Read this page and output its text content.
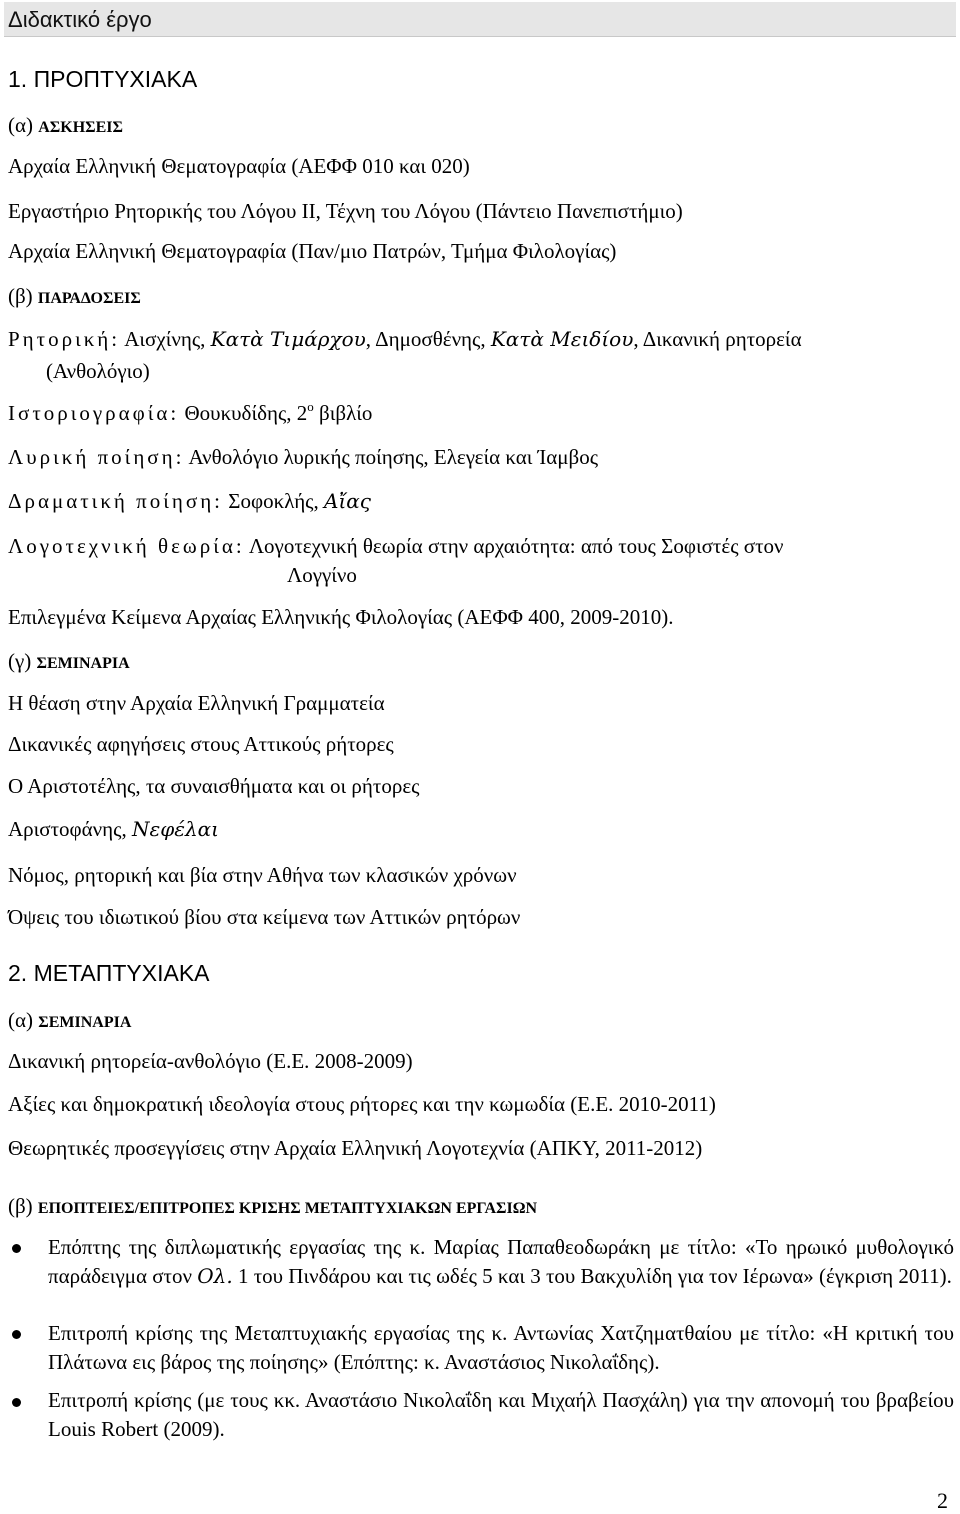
Διδακτικό έργο
1. ΠΡΟΠΤΥΧΙΑΚΑ
(α) ΑΣΚΗΣΕΙΣ
Αρχαία Ελληνική Θεματογραφία (ΑΕΦΦ 010 και 020)
Εργαστήριο Ρητορικής του Λόγου ΙΙ, Τέχνη του Λόγου (Πάντειο Πανεπιστήμιο)
Αρχαία Ελληνική Θεματογραφία (Παν/μιο Πατρών, Τμήμα Φιλολογίας)
(β) ΠΑΡΑΔΟΣΕΙΣ
Ρητορική: Αισχίνης, Κατὰ Τιμάρχου, Δημοσθένης, Κατὰ Μειδίου, Δικανική ρητορεία
(Ανθολόγιο)
Ιστοριογραφία: Θουκυδίδης, $2^o$ βιβλίο
Λυρική ποίηση: Ανθολόγιο λυρικής ποίησης, Ελεγεία και Ίαμβος
Δραματική ποίηση: Σοφοκλής, Αἴας
Λογοτεχνική θεωρία: Λογοτεχνική θεωρία στην αρχαιότητα: από τους Σοφιστές στον
Λογγίνο
Επιλεγμένα Κείμενα Αρχαίας Ελληνικής Φιλολογίας (ΑΕΦΦ 400, 2009-2010).
(γ) ΣΕΜΙΝΑΡΙΑ
Η θέαση στην Αρχαία Ελληνική Γραμματεία
Δικανικές αφηγήσεις στους Αττικούς ρήτορες
Ο Αριστοτέλης, τα συναισθήματα και οι ρήτορες
Αριστοφάνης, Νεφέλαι
Νόμος, ρητορική και βία στην Αθήνα των κλασικών χρόνων
Όψεις του ιδιωτικού βίου στα κείμενα των Αττικών ρητόρων
2. ΜΕΤΑΠΤΥΧΙΑΚΑ
(α) ΣΕΜΙΝΑΡΙΑ
Δικανική ρητορεία-ανθολόγιο (Ε.Ε. 2008-2009)
Αξίες και δημοκρατική ιδεολογία στους ρήτορες και την κωμωδία (Ε.Ε. 2010-2011)
Θεωρητικές προσεγγίσεις στην Αρχαία Ελληνική Λογοτεχνία (ΑΠΚΥ, 2011-2012)
(β) ΕΠΟΠΤΕΙΕΣ/ΕΠΙΤΡΟΠΕΣ ΚΡΙΣΗΣ ΜΕΤΑΠΤΥΧΙΑΚΩΝ ΕΡΓΑΣΙΩΝ
Επόπτης της διπλωματικής εργασίας της κ. Μαρίας Παπαθεοδωράκη με τίτλο: «Το ηρωικό μυθολογικό παράδειγμα στον Ολ. 1 του Πινδάρου και τις ωδές 5 και 3 του Βακχυλίδη για τον Ιέρωνα» (έγκριση 2011).
Επιτροπή κρίσης της Μεταπτυχιακής εργασίας της κ. Αντωνίας Χατζηματθαίου με τίτλο: «Η κριτική του Πλάτωνα εις βάρος της ποίησης» (Επόπτης: κ. Αναστάσιος Νικολαΐδης).
Επιτροπή κρίσης (με τους κκ. Αναστάσιο Νικολαΐδη και Μιχαήλ Πασχάλη) για την απονομή του βραβείου Louis Robert (2009).
2
